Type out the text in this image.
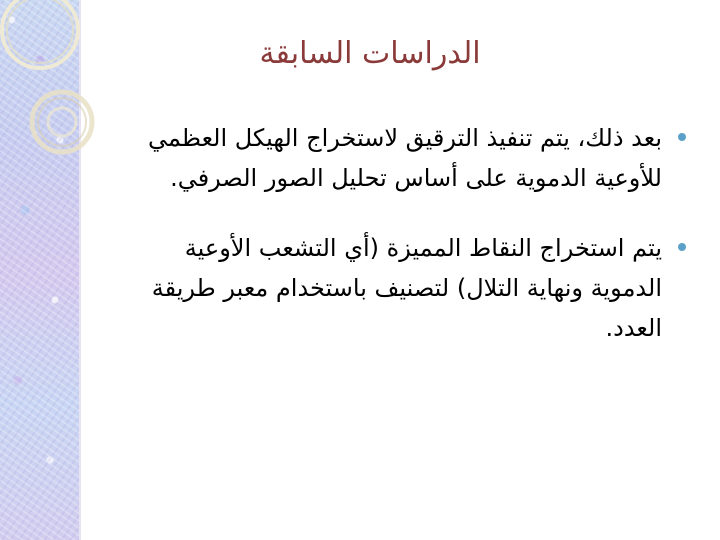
الدراسات السابقة
بعد ذلك، يتم تنفيذ الترقيق لاستخراج الهيكل العظمي للأوعية الدموية على أساس تحليل الصور الصرفي.
يتم استخراج النقاط المميزة (أي التشعب الأوعية الدموية ونهاية التلال) لتصنيف باستخدام معبر طريقة العدد.
